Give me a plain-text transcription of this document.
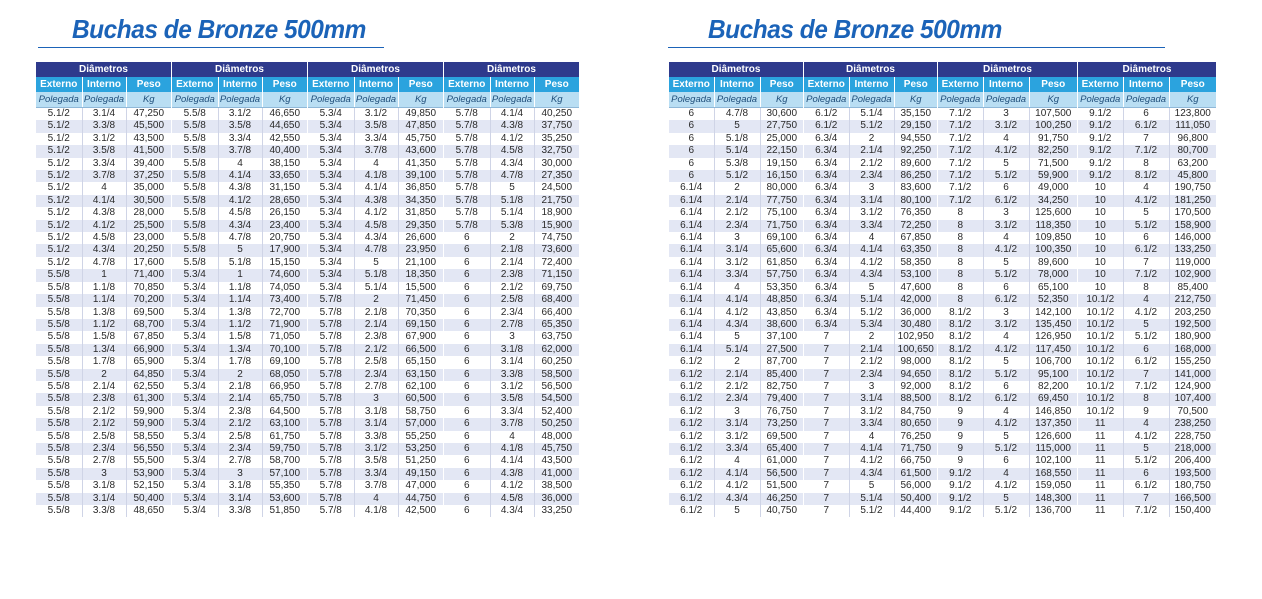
Buchas de Bronze 500mm
Diâmetros		
Externo	Interno	Peso
Polegada	Polegada	Kg
5.1/2	3.1/4	47,250
5.1/2	3.3/8	45,500
5.1/2	3.1/2	43,500
5.1/2	3.5/8	41,500
5.1/2	3.3/4	39,400
5.1/2	3.7/8	37,250
5.1/2	4	35,000
5.1/2	4.1/4	30,500
5.1/2	4.3/8	28,000
5.1/2	4.1/2	25,500
5.1/2	4.5/8	23,000
5.1/2	4.3/4	20,250
5.1/2	4.7/8	17,600
5.5/8	1	71,400
5.5/8	1.1/8	70,850
5.5/8	1.1/4	70,200
5.5/8	1.3/8	69,500
5.5/8	1.1/2	68,700
5.5/8	1.5/8	67,850
5.5/8	1.3/4	66,900
5.5/8	1.7/8	65,900
5.5/8	2	64,850
5.5/8	2.1/4	62,550
5.5/8	2.3/8	61,300
5.5/8	2.1/2	59,900
5.5/8	2.1/2	59,900
5.5/8	2.5/8	58,550
5.5/8	2.3/4	56,550
5.5/8	2.7/8	55,500
5.5/8	3	53,900
5.5/8	3.1/8	52,150
5.5/8	3.1/4	50,400
5.5/8	3.3/8	48,650
Diâmetros		
Externo	Interno	Peso
Polegada	Polegada	Kg
5.5/8	3.1/2	46,650
5.5/8	3.5/8	44,650
5.5/8	3.3/4	42,550
5.5/8	3.7/8	40,400
5.5/8	4	38,150
5.5/8	4.1/4	33,650
5.5/8	4.3/8	31,150
5.5/8	4.1/2	28,650
5.5/8	4.5/8	26,150
5.5/8	4.3/4	23,400
5.5/8	4.7/8	20,750
5.5/8	5	17,900
5.5/8	5.1/8	15,150
5.3/4	1	74,600
5.3/4	1.1/8	74,050
5.3/4	1.1/4	73,400
5.3/4	1.3/8	72,700
5.3/4	1.1/2	71,900
5.3/4	1.5/8	71,050
5.3/4	1.3/4	70,100
5.3/4	1.7/8	69,100
5.3/4	2	68,050
5.3/4	2.1/8	66,950
5.3/4	2.1/4	65,750
5.3/4	2.3/8	64,500
5.3/4	2.1/2	63,100
5.3/4	2.5/8	61,750
5.3/4	2.3/4	59,750
5.3/4	2.7/8	58,700
5.3/4	3	57,100
5.3/4	3.1/8	55,350
5.3/4	3.1/4	53,600
5.3/4	3.3/8	51,850
Diâmetros		
Externo	Interno	Peso
Polegada	Polegada	Kg
5.3/4	3.1/2	49,850
5.3/4	3.5/8	47,850
5.3/4	3.3/4	45,750
5.3/4	3.7/8	43,600
5.3/4	4	41,350
5.3/4	4.1/8	39,100
5.3/4	4.1/4	36,850
5.3/4	4.3/8	34,350
5.3/4	4.1/2	31,850
5.3/4	4.5/8	29,350
5.3/4	4.3/4	26,600
5.3/4	4.7/8	23,950
5.3/4	5	21,100
5.3/4	5.1/8	18,350
5.3/4	5.1/4	15,500
5.7/8	2	71,450
5.7/8	2.1/8	70,350
5.7/8	2.1/4	69,150
5.7/8	2.3/8	67,900
5.7/8	2.1/2	66,500
5.7/8	2.5/8	65,150
5.7/8	2.3/4	63,150
5.7/8	2.7/8	62,100
5.7/8	3	60,500
5.7/8	3.1/8	58,750
5.7/8	3.1/4	57,000
5.7/8	3.3/8	55,250
5.7/8	3.1/2	53,250
5.7/8	3.5/8	51,250
5.7/8	3.3/4	49,150
5.7/8	3.7/8	47,000
5.7/8	4	44,750
5.7/8	4.1/8	42,500
Diâmetros		
Externo	Interno	Peso
Polegada	Polegada	Kg
5.7/8	4.1/4	40,250
5.7/8	4.3/8	37,750
5.7/8	4.1/2	35,250
5.7/8	4.5/8	32,750
5.7/8	4.3/4	30,000
5.7/8	4.7/8	27,350
5.7/8	5	24,500
5.7/8	5.1/8	21,750
5.7/8	5.1/4	18,900
5.7/8	5.3/8	15,900
6	2	74,750
6	2.1/8	73,600
6	2.1/4	72,400
6	2.3/8	71,150
6	2.1/2	69,750
6	2.5/8	68,400
6	2.3/4	66,400
6	2.7/8	65,350
6	3	63,750
6	3.1/8	62,000
6	3.1/4	60,250
6	3.3/8	58,500
6	3.1/2	56,500
6	3.5/8	54,500
6	3.3/4	52,400
6	3.7/8	50,250
6	4	48,000
6	4.1/8	45,750
6	4.1/4	43,500
6	4.3/8	41,000
6	4.1/2	38,500
6	4.5/8	36,000
6	4.3/4	33,250
Buchas de Bronze 500mm
Diâmetros		
Externo	Interno	Peso
Polegada	Polegada	Kg
6	4.7/8	30,600
6	5	27,750
6	5.1/8	25,000
6	5.1/4	22,150
6	5.3/8	19,150
6	5.1/2	16,150
6.1/4	2	80,000
6.1/4	2.1/4	77,750
6.1/4	2.1/2	75,100
6.1/4	2.3/4	71,750
6.1/4	3	69,100
6.1/4	3.1/4	65,600
6.1/4	3.1/2	61,850
6.1/4	3.3/4	57,750
6.1/4	4	53,350
6.1/4	4.1/4	48,850
6.1/4	4.1/2	43,850
6.1/4	4.3/4	38,600
6.1/4	5	37,100
6.1/4	5.1/4	27,500
6.1/2	2	87,700
6.1/2	2.1/4	85,400
6.1/2	2.1/2	82,750
6.1/2	2.3/4	79,400
6.1/2	3	76,750
6.1/2	3.1/4	73,250
6.1/2	3.1/2	69,500
6.1/2	3.3/4	65,400
6.1/2	4	61,000
6.1/2	4.1/4	56,500
6.1/2	4.1/2	51,500
6.1/2	4.3/4	46,250
6.1/2	5	40,750
Diâmetros		
Externo	Interno	Peso
Polegada	Polegada	Kg
6.1/2	5.1/4	35,150
6.1/2	5.1/2	29,150
6.3/4	2	94,550
6.3/4	2.1/4	92,250
6.3/4	2.1/2	89,600
6.3/4	2.3/4	86,250
6.3/4	3	83,600
6.3/4	3.1/4	80,100
6.3/4	3.1/2	76,350
6.3/4	3.3/4	72,250
6.3/4	4	67,850
6.3/4	4.1/4	63,350
6.3/4	4.1/2	58,350
6.3/4	4.3/4	53,100
6.3/4	5	47,600
6.3/4	5.1/4	42,000
6.3/4	5.1/2	36,000
6.3/4	5.3/4	30,480
7	2	102,950
7	2.1/4	100,650
7	2.1/2	98,000
7	2.3/4	94,650
7	3	92,000
7	3.1/4	88,500
7	3.1/2	84,750
7	3.3/4	80,650
7	4	76,250
7	4.1/4	71,750
7	4.1/2	66,750
7	4.3/4	61,500
7	5	56,000
7	5.1/4	50,400
7	5.1/2	44,400
Diâmetros		
Externo	Interno	Peso
Polegada	Polegada	Kg
7.1/2	3	107,500
7.1/2	3.1/2	100,250
7.1/2	4	91,750
7.1/2	4.1/2	82,250
7.1/2	5	71,500
7.1/2	5.1/2	59,900
7.1/2	6	49,000
7.1/2	6.1/2	34,250
8	3	125,600
8	3.1/2	118,350
8	4	109,850
8	4.1/2	100,350
8	5	89,600
8	5.1/2	78,000
8	6	65,100
8	6.1/2	52,350
8.1/2	3	142,100
8.1/2	3.1/2	135,450
8.1/2	4	126,950
8.1/2	4.1/2	117,450
8.1/2	5	106,700
8.1/2	5.1/2	95,100
8.1/2	6	82,200
8.1/2	6.1/2	69,450
9	4	146,850
9	4.1/2	137,350
9	5	126,600
9	5.1/2	115,000
9	6	102,100
9.1/2	4	168,550
9.1/2	4.1/2	159,050
9.1/2	5	148,300
9.1/2	5.1/2	136,700
Diâmetros		
Externo	Interno	Peso
Polegada	Polegada	Kg
9.1/2	6	123,800
9.1/2	6.1/2	111,050
9.1/2	7	96,800
9.1/2	7.1/2	80,700
9.1/2	8	63,200
9.1/2	8.1/2	45,800
10	4	190,750
10	4.1/2	181,250
10	5	170,500
10	5.1/2	158,900
10	6	146,000
10	6.1/2	133,250
10	7	119,000
10	7.1/2	102,900
10	8	85,400
10.1/2	4	212,750
10.1/2	4.1/2	203,250
10.1/2	5	192,500
10.1/2	5.1/2	180,900
10.1/2	6	168,000
10.1/2	6.1/2	155,250
10.1/2	7	141,000
10.1/2	7.1/2	124,900
10.1/2	8	107,400
10.1/2	9	70,500
11	4	238,250
11	4.1/2	228,750
11	5	218,000
11	5.1/2	206,400
11	6	193,500
11	6.1/2	180,750
11	7	166,500
11	7.1/2	150,400
